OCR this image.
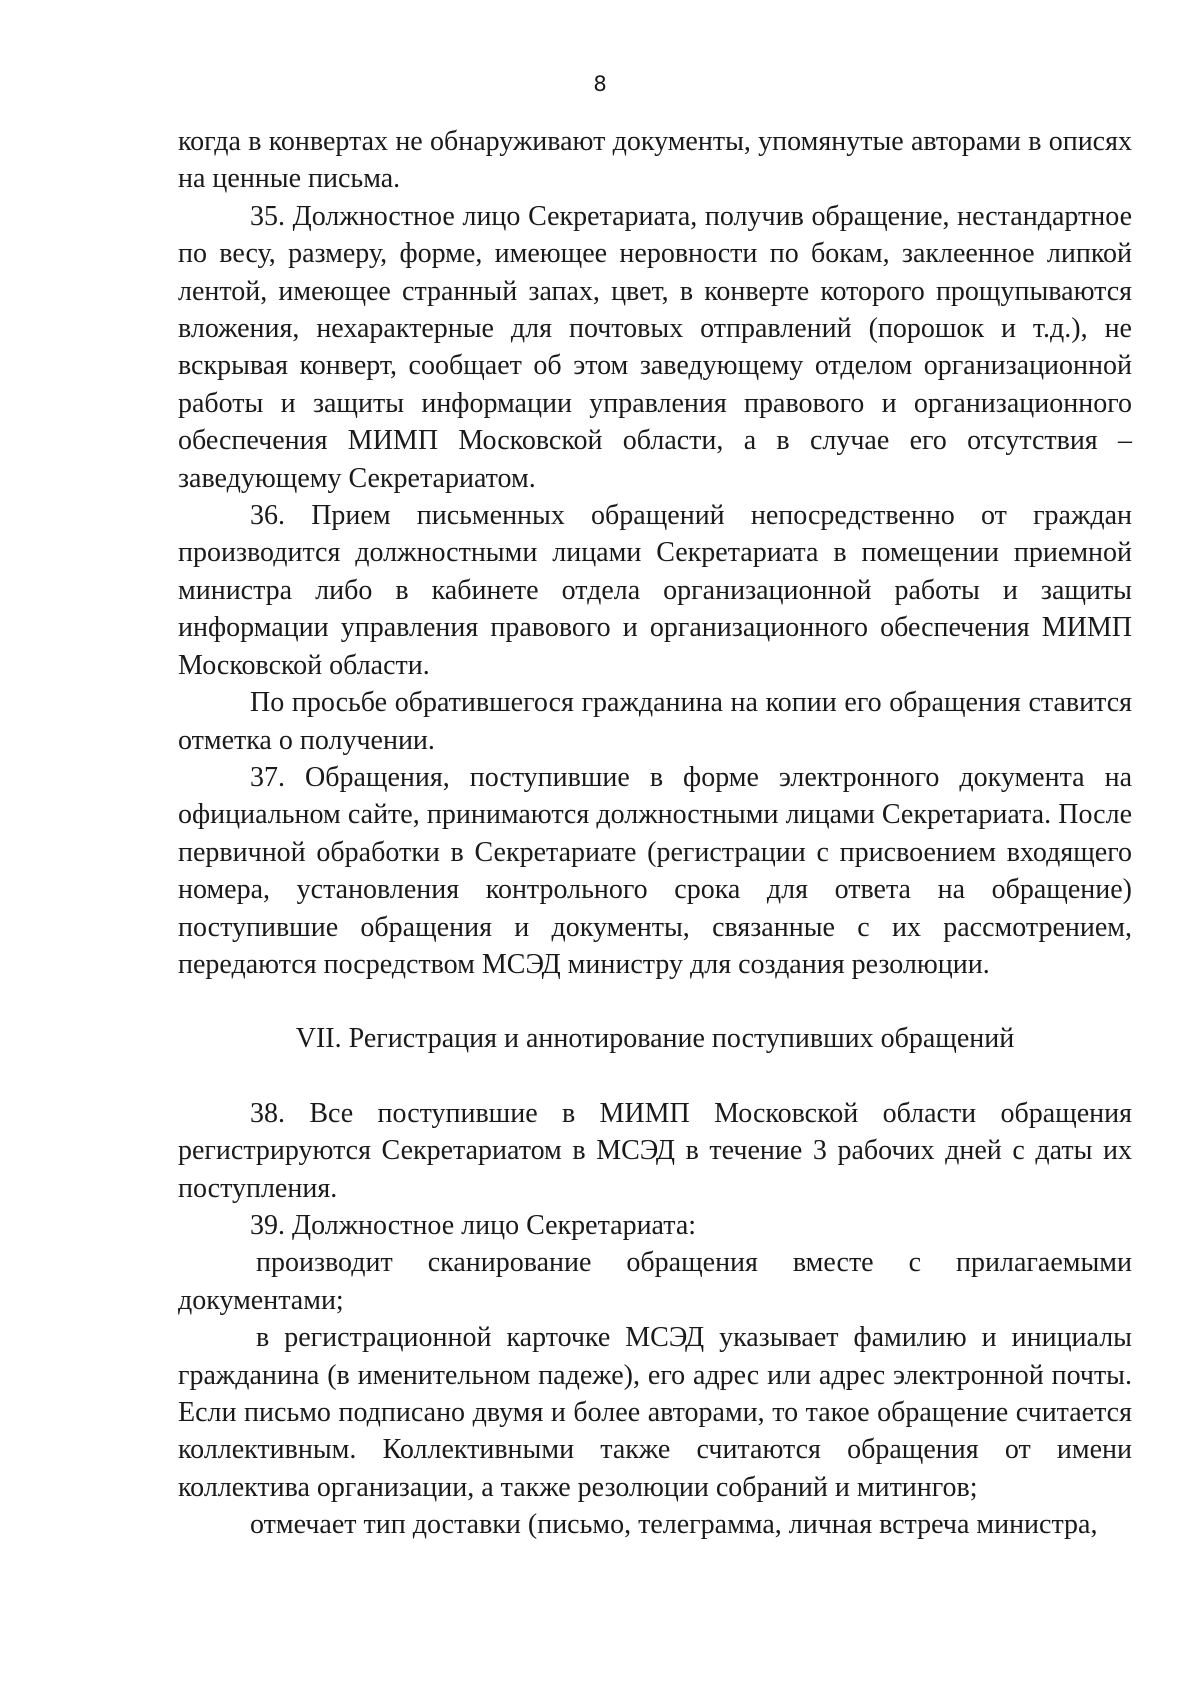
8

когда в конвертах не обнаруживают документы, упомянутые авторами в описях на ценные письма.

35. Должностное лицо Секретариата, получив обращение, нестандартное по весу, размеру, форме, имеющее неровности по бокам, заклеенное липкой лентой, имеющее странный запах, цвет, в конверте которого прощупываются вложения, нехарактерные для почтовых отправлений (порошок и т.д.), не вскрывая конверт, сообщает об этом заведующему отделом организационной работы и защиты информации управления правового и организационного обеспечения МИМП Московской области, а в случае его отсутствия – заведующему Секретариатом.

36. Прием письменных обращений непосредственно от граждан производится должностными лицами Секретариата в помещении приемной министра либо в кабинете отдела организационной работы и защиты информации управления правового и организационного обеспечения МИМП Московской области.

По просьбе обратившегося гражданина на копии его обращения ставится отметка о получении.

37. Обращения, поступившие в форме электронного документа на официальном сайте, принимаются должностными лицами Секретариата. После первичной обработки в Секретариате (регистрации с присвоением входящего номера, установления контрольного срока для ответа на обращение) поступившие обращения и документы, связанные с их рассмотрением, передаются посредством МСЭД министру для создания резолюции.

VII. Регистрация и аннотирование поступивших обращений

38. Все поступившие в МИМП Московской области обращения регистрируются Секретариатом в МСЭД в течение 3 рабочих дней с даты их поступления.

39. Должностное лицо Секретариата:

производит сканирование обращения вместе с прилагаемыми документами;

в регистрационной карточке МСЭД указывает фамилию и инициалы гражданина (в именительном падеже), его адрес или адрес электронной почты. Если письмо подписано двумя и более авторами, то такое обращение считается коллективным. Коллективными также считаются обращения от имени коллектива организации, а также резолюции собраний и митингов;

отмечает тип доставки (письмо, телеграмма, личная встреча министра,
